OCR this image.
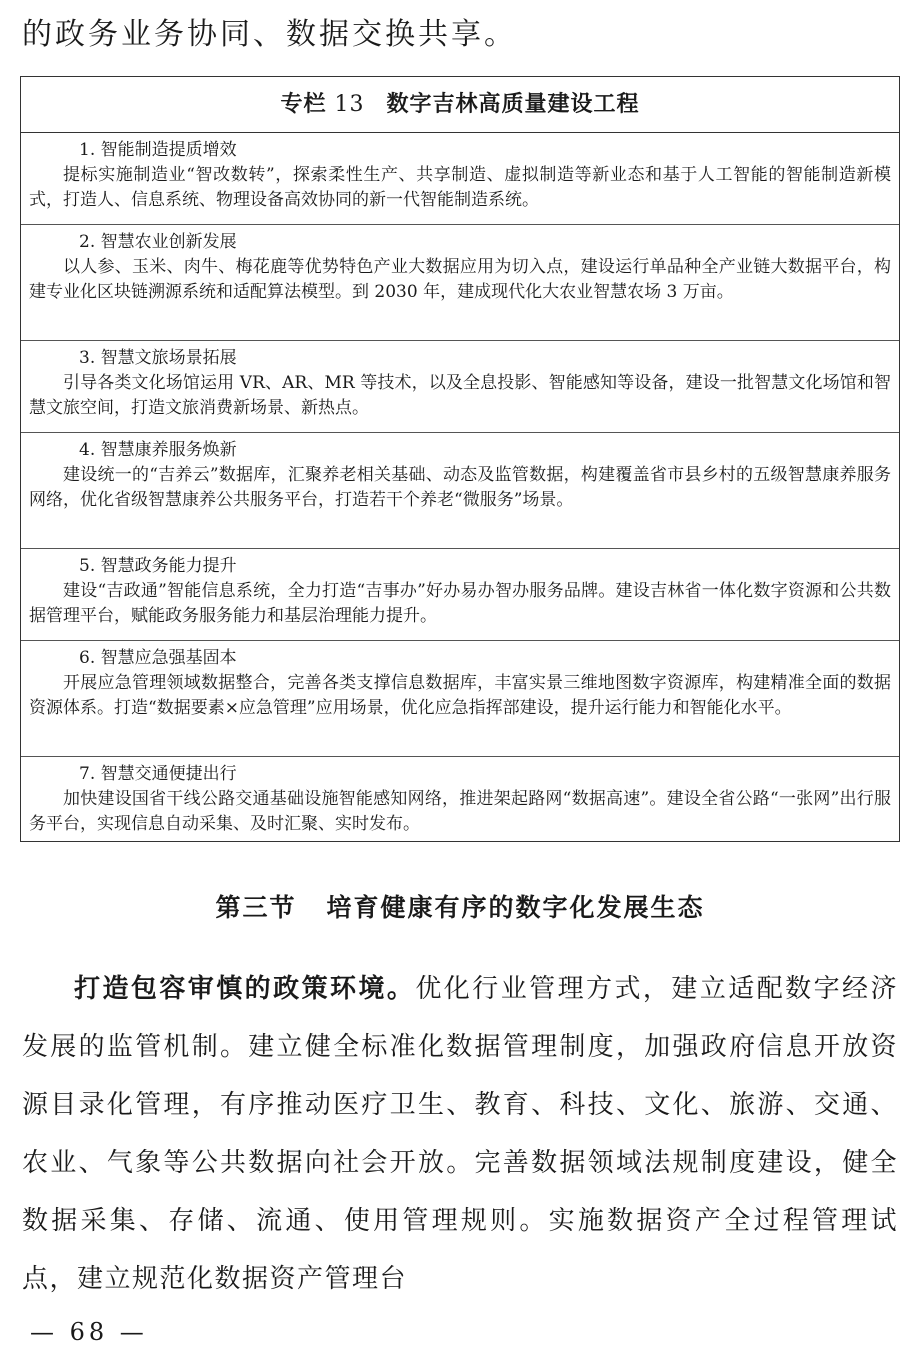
的政务业务协同、数据交换共享。
专栏 13 数字吉林高质量建设工程
1. 智能制造提质增效
提标实施制造业“智改数转”，探索柔性生产、共享制造、虚拟制造等新业态和基于人工智能的智能制造新模式，打造人、信息系统、物理设备高效协同的新一代智能制造系统。
2. 智慧农业创新发展
以人参、玉米、肉牛、梅花鹿等优势特色产业大数据应用为切入点，建设运行单品种全产业链大数据平台，构建专业化区块链溯源系统和适配算法模型。到 2030 年，建成现代化大农业智慧农场 3 万亩。
3. 智慧文旅场景拓展
引导各类文化场馆运用 VR、AR、MR 等技术，以及全息投影、智能感知等设备，建设一批智慧文化场馆和智慧文旅空间，打造文旅消费新场景、新热点。
4. 智慧康养服务焕新
建设统一的“吉养云”数据库，汇聚养老相关基础、动态及监管数据，构建覆盖省市县乡村的五级智慧康养服务网络，优化省级智慧康养公共服务平台，打造若干个养老“微服务”场景。
5. 智慧政务能力提升
建设“吉政通”智能信息系统，全力打造“吉事办”好办易办智办服务品牌。建设吉林省一体化数字资源和公共数据管理平台，赋能政务服务能力和基层治理能力提升。
6. 智慧应急强基固本
开展应急管理领域数据整合，完善各类支撑信息数据库，丰富实景三维地图数字资源库，构建精准全面的数据资源体系。打造“数据要素×应急管理”应用场景，优化应急指挥部建设，提升运行能力和智能化水平。
7. 智慧交通便捷出行
加快建设国省干线公路交通基础设施智能感知网络，推进架起路网“数据高速”。建设全省公路“一张网”出行服务平台，实现信息自动采集、及时汇聚、实时发布。
第三节 培育健康有序的数字化发展生态
打造包容审慎的政策环境。优化行业管理方式，建立适配数字经济发展的监管机制。建立健全标准化数据管理制度，加强政府信息开放资源目录化管理，有序推动医疗卫生、教育、科技、文化、旅游、交通、农业、气象等公共数据向社会开放。完善数据领域法规制度建设，健全数据采集、存储、流通、使用管理规则。实施数据资产全过程管理试点，建立规范化数据资产管理台
— 68 —
